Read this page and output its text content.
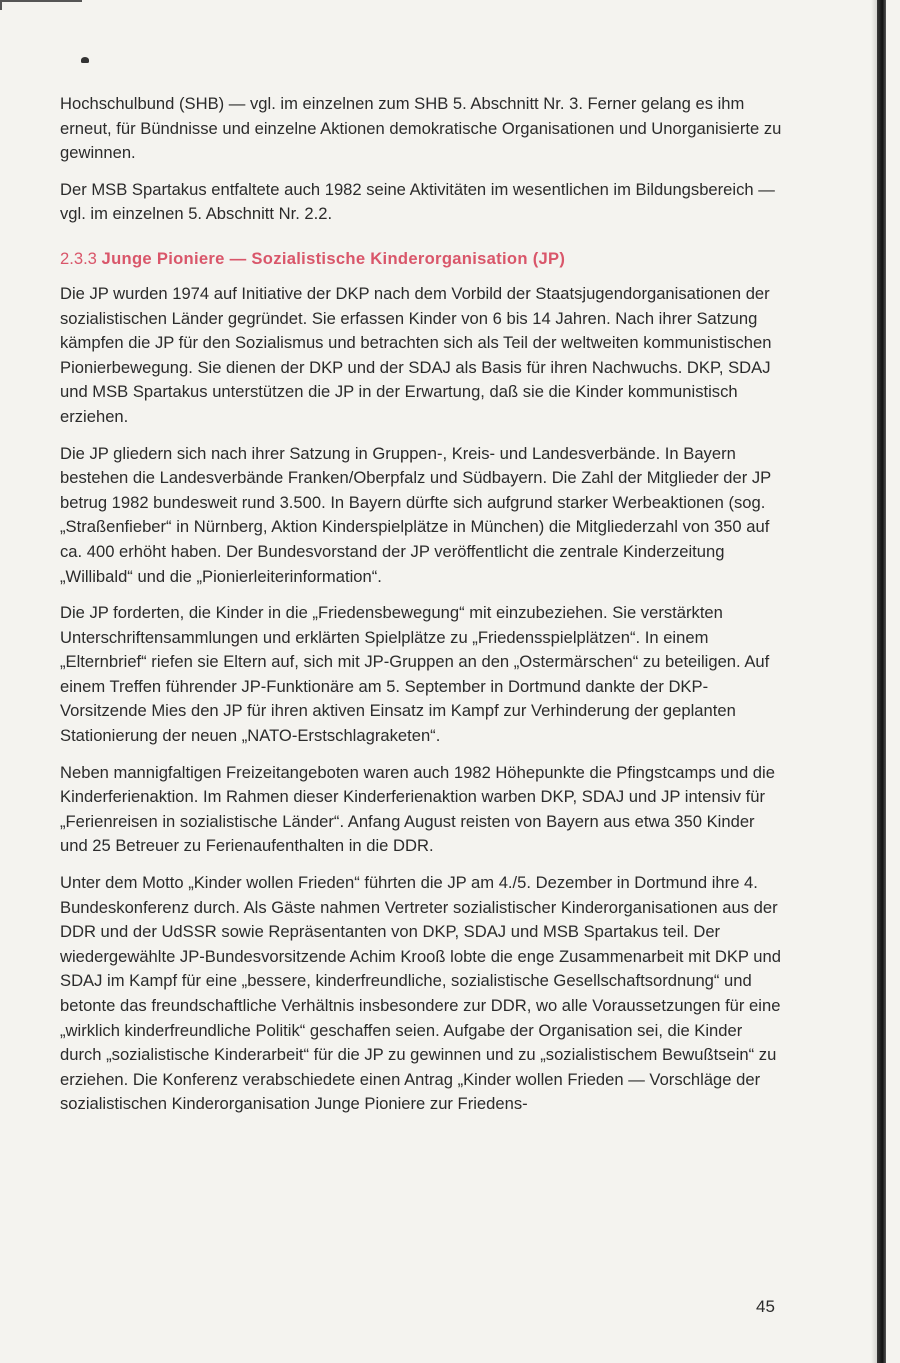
Hochschulbund (SHB) — vgl. im einzelnen zum SHB 5. Abschnitt Nr. 3. Ferner gelang es ihm erneut, für Bündnisse und einzelne Aktionen demokratische Organisationen und Unorganisierte zu gewinnen.

Der MSB Spartakus entfaltete auch 1982 seine Aktivitäten im wesentlichen im Bildungsbereich — vgl. im einzelnen 5. Abschnitt Nr. 2.2.

2.3.3 Junge Pioniere — Sozialistische Kinderorganisation (JP)

Die JP wurden 1974 auf Initiative der DKP nach dem Vorbild der Staatsjugendorganisationen der sozialistischen Länder gegründet. Sie erfassen Kinder von 6 bis 14 Jahren. Nach ihrer Satzung kämpfen die JP für den Sozialismus und betrachten sich als Teil der weltweiten kommunistischen Pionierbewegung. Sie dienen der DKP und der SDAJ als Basis für ihren Nachwuchs. DKP, SDAJ und MSB Spartakus unterstützen die JP in der Erwartung, daß sie die Kinder kommunistisch erziehen.

Die JP gliedern sich nach ihrer Satzung in Gruppen-, Kreis- und Landesverbände. In Bayern bestehen die Landesverbände Franken/Oberpfalz und Südbayern. Die Zahl der Mitglieder der JP betrug 1982 bundesweit rund 3.500. In Bayern dürfte sich aufgrund starker Werbeaktionen (sog. „Straßenfieber“ in Nürnberg, Aktion Kinderspielplätze in München) die Mitgliederzahl von 350 auf ca. 400 erhöht haben. Der Bundesvorstand der JP veröffentlicht die zentrale Kinderzeitung „Willibald“ und die „Pionierleiterinformation“.

Die JP forderten, die Kinder in die „Friedensbewegung“ mit einzubeziehen. Sie verstärkten Unterschriftensammlungen und erklärten Spielplätze zu „Friedensspielplätzen“. In einem „Elternbrief“ riefen sie Eltern auf, sich mit JP-Gruppen an den „Ostermärschen“ zu beteiligen. Auf einem Treffen führender JP-Funktionäre am 5. September in Dortmund dankte der DKP-Vorsitzende Mies den JP für ihren aktiven Einsatz im Kampf zur Verhinderung der geplanten Stationierung der neuen „NATO-Erstschlagraketen“.

Neben mannigfaltigen Freizeitangeboten waren auch 1982 Höhepunkte die Pfingstcamps und die Kinderferienaktion. Im Rahmen dieser Kinderferienaktion warben DKP, SDAJ und JP intensiv für „Ferienreisen in sozialistische Länder“. Anfang August reisten von Bayern aus etwa 350 Kinder und 25 Betreuer zu Ferienaufenthalten in die DDR.

Unter dem Motto „Kinder wollen Frieden“ führten die JP am 4./5. Dezember in Dortmund ihre 4. Bundeskonferenz durch. Als Gäste nahmen Vertreter sozialistischer Kinderorganisationen aus der DDR und der UdSSR sowie Repräsentanten von DKP, SDAJ und MSB Spartakus teil. Der wiedergewählte JP-Bundesvorsitzende Achim Krooß lobte die enge Zusammenarbeit mit DKP und SDAJ im Kampf für eine „bessere, kinderfreundliche, sozialistische Gesellschaftsordnung“ und betonte das freundschaftliche Verhältnis insbesondere zur DDR, wo alle Voraussetzungen für eine „wirklich kinderfreundliche Politik“ geschaffen seien. Aufgabe der Organisation sei, die Kinder durch „sozialistische Kinderarbeit“ für die JP zu gewinnen und zu „sozialistischem Bewußtsein“ zu erziehen. Die Konferenz verabschiedete einen Antrag „Kinder wollen Frieden — Vorschläge der sozialistischen Kinderorganisation Junge Pioniere zur Friedens-

45
